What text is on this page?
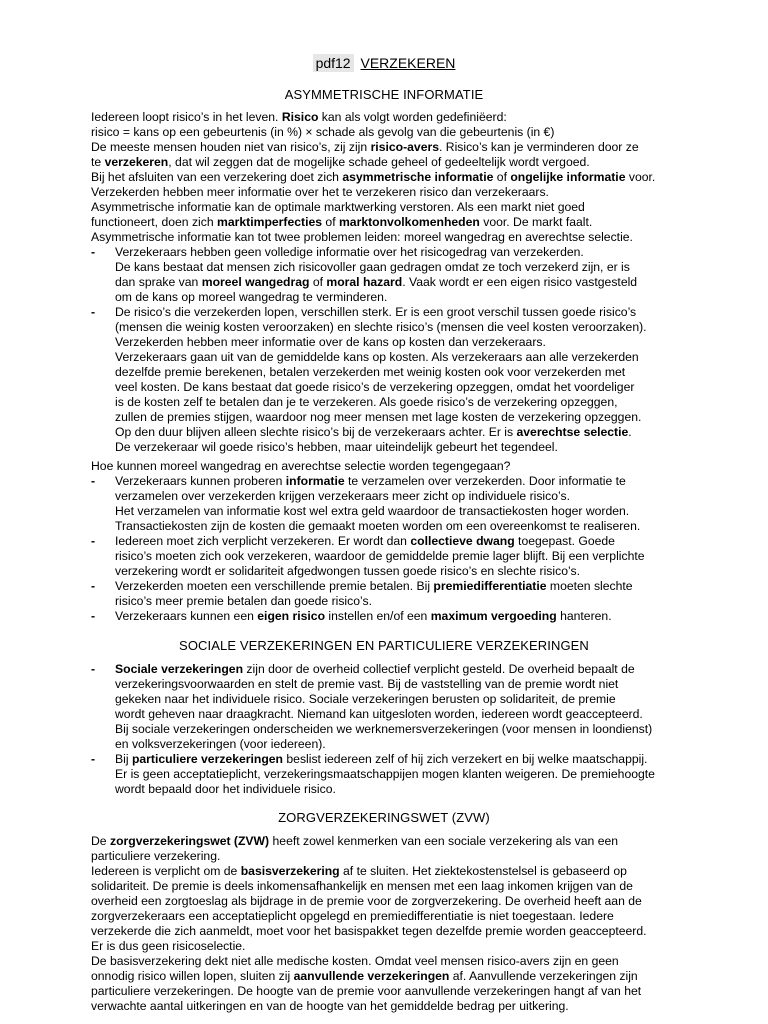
pdf12 VERZEKEREN
ASYMMETRISCHE INFORMATIE
Iedereen loopt risico’s in het leven. Risico kan als volgt worden gedefiniëerd:
risico = kans op een gebeurtenis (in %) × schade als gevolg van die gebeurtenis (in €)
De meeste mensen houden niet van risico’s, zij zijn risico-avers. Risico’s kan je verminderen door ze
te verzekeren, dat wil zeggen dat de mogelijke schade geheel of gedeeltelijk wordt vergoed.
Bij het afsluiten van een verzekering doet zich asymmetrische informatie of ongelijke informatie voor.
Verzekerden hebben meer informatie over het te verzekeren risico dan verzekeraars.
Asymmetrische informatie kan de optimale marktwerking verstoren. Als een markt niet goed
functioneert, doen zich marktimperfecties of marktonvolkomenheden voor. De markt faalt.
Asymmetrische informatie kan tot twee problemen leiden: moreel wangedrag en averechtse selectie.
- Verzekeraars hebben geen volledige informatie over het risicogedrag van verzekerden.
De kans bestaat dat mensen zich risicovoller gaan gedragen omdat ze toch verzekerd zijn, er is
dan sprake van moreel wangedrag of moral hazard. Vaak wordt er een eigen risico vastgesteld
om de kans op moreel wangedrag te verminderen.
- De risico’s die verzekerden lopen, verschillen sterk. Er is een groot verschil tussen goede risico’s
(mensen die weinig kosten veroorzaken) en slechte risico’s (mensen die veel kosten veroorzaken).
Verzekerden hebben meer informatie over de kans op kosten dan verzekeraars.
Verzekeraars gaan uit van de gemiddelde kans op kosten. Als verzekeraars aan alle verzekerden
dezelfde premie berekenen, betalen verzekerden met weinig kosten ook voor verzekerden met
veel kosten. De kans bestaat dat goede risico’s de verzekering opzeggen, omdat het voordeliger
is de kosten zelf te betalen dan je te verzekeren. Als goede risico’s de verzekering opzeggen,
zullen de premies stijgen, waardoor nog meer mensen met lage kosten de verzekering opzeggen.
Op den duur blijven alleen slechte risico’s bij de verzekeraars achter. Er is averechtse selectie.
De verzekeraar wil goede risico’s hebben, maar uiteindelijk gebeurt het tegendeel.
Hoe kunnen moreel wangedrag en averechtse selectie worden tegengegaan?
- Verzekeraars kunnen proberen informatie te verzamelen over verzekerden. Door informatie te
verzamelen over verzekerden krijgen verzekeraars meer zicht op individuele risico’s.
Het verzamelen van informatie kost wel extra geld waardoor de transactiekosten hoger worden.
Transactiekosten zijn de kosten die gemaakt moeten worden om een overeenkomst te realiseren.
- Iedereen moet zich verplicht verzekeren. Er wordt dan collectieve dwang toegepast. Goede
risico’s moeten zich ook verzekeren, waardoor de gemiddelde premie lager blijft. Bij een verplichte
verzekering wordt er solidariteit afgedwongen tussen goede risico’s en slechte risico’s.
- Verzekerden moeten een verschillende premie betalen. Bij premiedifferentiatie moeten slechte
risico’s meer premie betalen dan goede risico’s.
- Verzekeraars kunnen een eigen risico instellen en/of een maximum vergoeding hanteren.
SOCIALE VERZEKERINGEN EN PARTICULIERE VERZEKERINGEN
- Sociale verzekeringen zijn door de overheid collectief verplicht gesteld. De overheid bepaalt de
verzekeringsvoorwaarden en stelt de premie vast. Bij de vaststelling van de premie wordt niet
gekeken naar het individuele risico. Sociale verzekeringen berusten op solidariteit, de premie
wordt geheven naar draagkracht. Niemand kan uitgesloten worden, iedereen wordt geaccepteerd.
Bij sociale verzekeringen onderscheiden we werknemersverzekeringen (voor mensen in loondienst)
en volksverzekeringen (voor iedereen).
- Bij particuliere verzekeringen beslist iedereen zelf of hij zich verzekert en bij welke maatschappij.
Er is geen acceptatieplicht, verzekeringsmaatschappijen mogen klanten weigeren. De premiehoogte
wordt bepaald door het individuele risico.
ZORGVERZEKERINGSWET (ZVW)
De zorgverzekeringswet (ZVW) heeft zowel kenmerken van een sociale verzekering als van een
particuliere verzekering.
Iedereen is verplicht om de basisverzekering af te sluiten. Het ziektekostenstelsel is gebaseerd op
solidariteit. De premie is deels inkomensafhankelijk en mensen met een laag inkomen krijgen van de
overheid een zorgtoeslag als bijdrage in de premie voor de zorgverzekering. De overheid heeft aan de
zorgverzekeraars een acceptatieplicht opgelegd en premiedifferentiatie is niet toegestaan. Iedere
verzekerde die zich aanmeldt, moet voor het basispakket tegen dezelfde premie worden geaccepteerd.
Er is dus geen risicoselectie.
De basisverzekering dekt niet alle medische kosten. Omdat veel mensen risico-avers zijn en geen
onnodig risico willen lopen, sluiten zij aanvullende verzekeringen af. Aanvullende verzekeringen zijn
particuliere verzekeringen. De hoogte van de premie voor aanvullende verzekeringen hangt af van het
verwachte aantal uitkeringen en van de hoogte van het gemiddelde bedrag per uitkering.
